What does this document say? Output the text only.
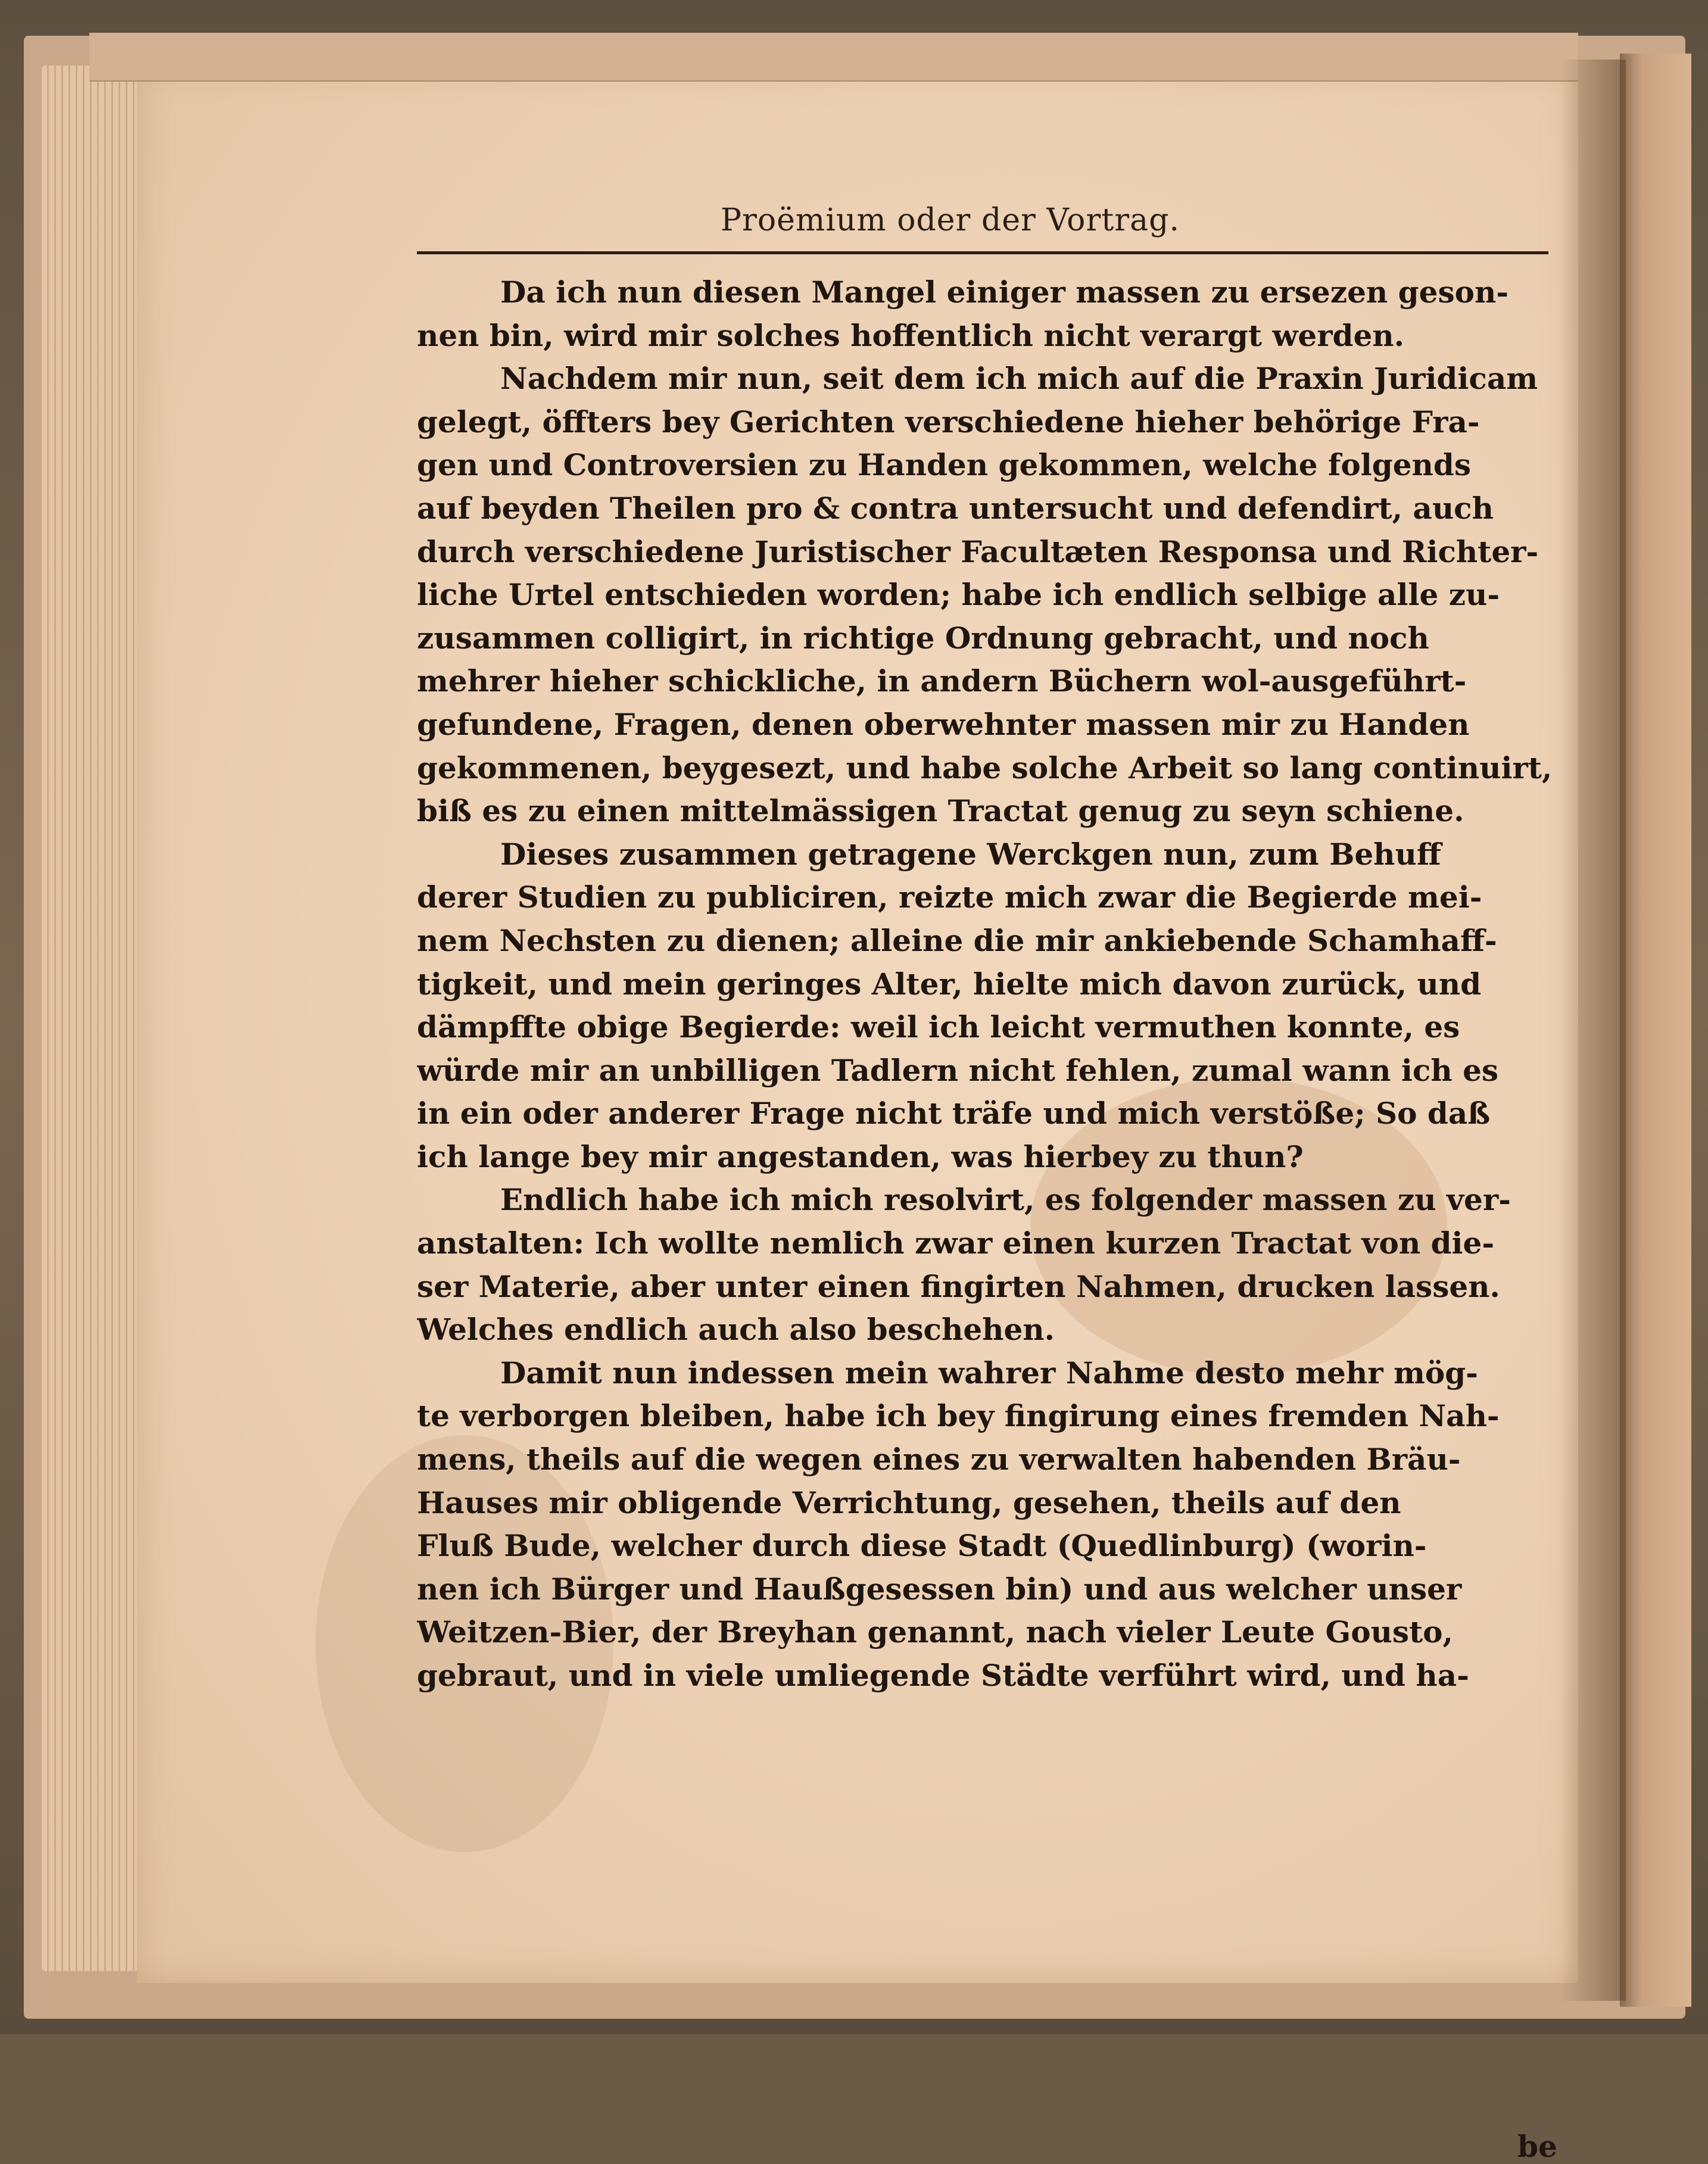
Proëmium oder der Vortrag.
Da ich nun diesen Mangel einiger massen zu ersezen geson-
nen bin, wird mir solches hoffentlich nicht verargt werden.
Nachdem mir nun, seit dem ich mich auf die Praxin Juridicam
gelegt, öffters bey Gerichten verschiedene hieher behörige Fra-
gen und Controversien zu Handen gekommen, welche folgends
auf beyden Theilen pro & contra untersucht und defendirt, auch
durch verschiedene Juristischer Facultæten Responsa und Richter-
liche Urtel entschieden worden; habe ich endlich selbige alle zu-
zusammen colligirt, in richtige Ordnung gebracht, und noch
mehrer hieher schickliche, in andern Büchern wol-ausgeführt-
gefundene, Fragen, denen oberwehnter massen mir zu Handen
gekommenen, beygesezt, und habe solche Arbeit so lang continuirt,
biß es zu einen mittelmässigen Tractat genug zu seyn schiene.
Dieses zusammen getragene Werckgen nun, zum Behuff
derer Studien zu publiciren, reizte mich zwar die Begierde mei-
nem Nechsten zu dienen; alleine die mir ankiebende Schamhaff-
tigkeit, und mein geringes Alter, hielte mich davon zurück, und
dämpffte obige Begierde: weil ich leicht vermuthen konnte, es
würde mir an unbilligen Tadlern nicht fehlen, zumal wann ich es
in ein oder anderer Frage nicht träfe und mich verstöße; So daß
ich lange bey mir angestanden, was hierbey zu thun?
Endlich habe ich mich resolvirt, es folgender massen zu ver-
anstalten: Ich wollte nemlich zwar einen kurzen Tractat von die-
ser Materie, aber unter einen fingirten Nahmen, drucken lassen.
Welches endlich auch also beschehen.
Damit nun indessen mein wahrer Nahme desto mehr mög-
te verborgen bleiben, habe ich bey fingirung eines fremden Nah-
mens, theils auf die wegen eines zu verwalten habenden Bräu-
Hauses mir obligende Verrichtung, gesehen, theils auf den
Fluß Bude, welcher durch diese Stadt (Quedlinburg) (worin-
nen ich Bürger und Haußgesessen bin) und aus welcher unser
Weitzen-Bier, der Breyhan genannt, nach vieler Leute Gousto,
gebraut, und in viele umliegende Städte verführt wird, und ha-
be
